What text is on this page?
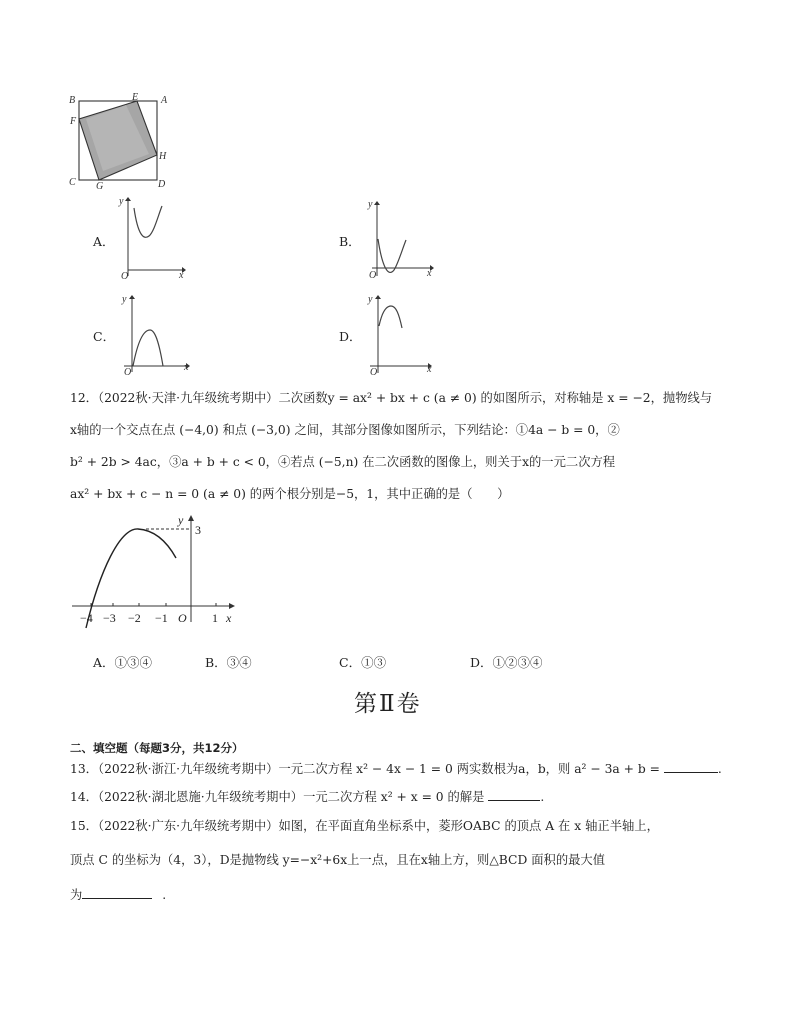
B	E A
F
H
C G	D
A．
y
x
O
B．
y
x
O
C．
y
x
O
D．
y
x
O
12．（2022秋·天津·九年级统考期中）二次函数y = ax² + bx + c (a ≠ 0) 的如图所示，对称轴是 x = −2，抛物线与
x轴的一个交点在点 (−4,0) 和点 (−3,0) 之间，其部分图像如图所示，下列结论：①4a − b = 0，②
b² + 2b > 4ac，③a + b + c < 0，④若点 (−5,n) 在二次函数的图像上，则关于x的一元二次方程
ax² + bx + c − n = 0 (a ≠ 0) 的两个根分别是−5，1，其中正确的是（　　）
−4 −3 −2 −1 O 1 x
y
3
A．①③④	B．③④	C．①③	D．①②③④
第Ⅱ卷
二、填空题（每题3分，共12分）
13．（2022秋·浙江·九年级统考期中）一元二次方程 x² − 4x − 1 = 0 两实数根为a，b，则 a² − 3a + b =	.
14．（2022秋·湖北恩施·九年级统考期中）一元二次方程 x² + x = 0 的解是	.
15．（2022秋·广东·九年级统考期中）如图，在平面直角坐标系中，菱形OABC 的顶点 A 在 x 轴正半轴上，
顶点 C 的坐标为（4，3），D是抛物线 y=−x²+6x上一点，且在x轴上方，则△BCD 面积的最大值
为	.
